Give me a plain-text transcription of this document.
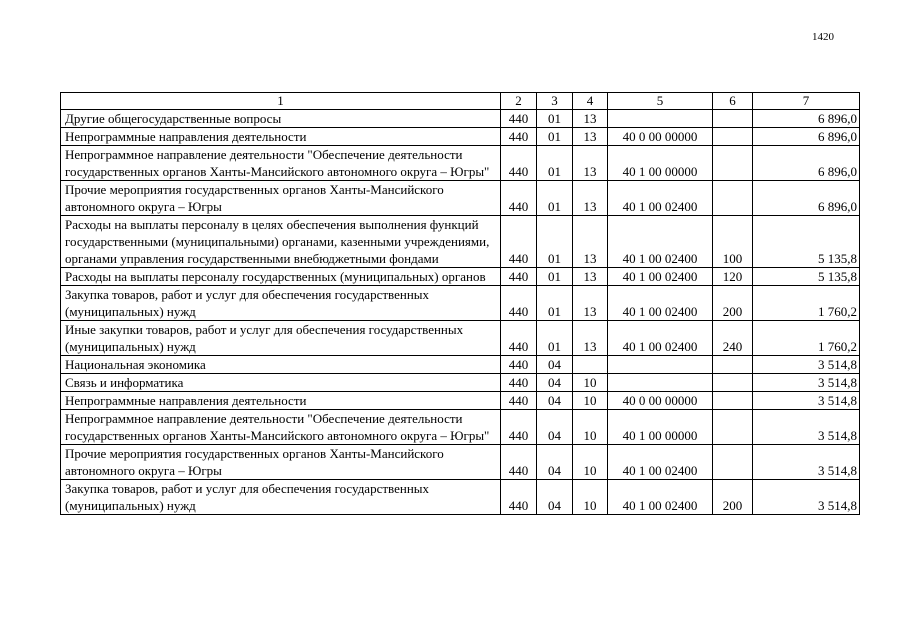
1420
1	2	3	4	5	6	7
Другие общегосударственные вопросы	440	01	13			6 896,0
Непрограммные направления деятельности	440	01	13	40 0 00 00000		6 896,0
Непрограммное направление деятельности "Обеспечение деятельности государственных органов Ханты-Мансийского автономного округа – Югры"	440	01	13	40 1 00 00000		6 896,0
Прочие мероприятия государственных органов Ханты-Мансийского автономного округа – Югры	440	01	13	40 1 00 02400		6 896,0
Расходы на выплаты персоналу в целях обеспечения выполнения функций государственными (муниципальными) органами, казенными учреждениями, органами управления государственными внебюджетными фондами	440	01	13	40 1 00 02400	100	5 135,8
Расходы на выплаты персоналу государственных (муниципальных) органов	440	01	13	40 1 00 02400	120	5 135,8
Закупка товаров, работ и услуг для обеспечения государственных (муниципальных) нужд	440	01	13	40 1 00 02400	200	1 760,2
Иные закупки товаров, работ и услуг для обеспечения государственных (муниципальных) нужд	440	01	13	40 1 00 02400	240	1 760,2
Национальная экономика	440	04				3 514,8
Связь и информатика	440	04	10			3 514,8
Непрограммные направления деятельности	440	04	10	40 0 00 00000		3 514,8
Непрограммное направление деятельности "Обеспечение деятельности государственных органов Ханты-Мансийского автономного округа – Югры"	440	04	10	40 1 00 00000		3 514,8
Прочие мероприятия государственных органов Ханты-Мансийского автономного округа – Югры	440	04	10	40 1 00 02400		3 514,8
Закупка товаров, работ и услуг для обеспечения государственных (муниципальных) нужд	440	04	10	40 1 00 02400	200	3 514,8
